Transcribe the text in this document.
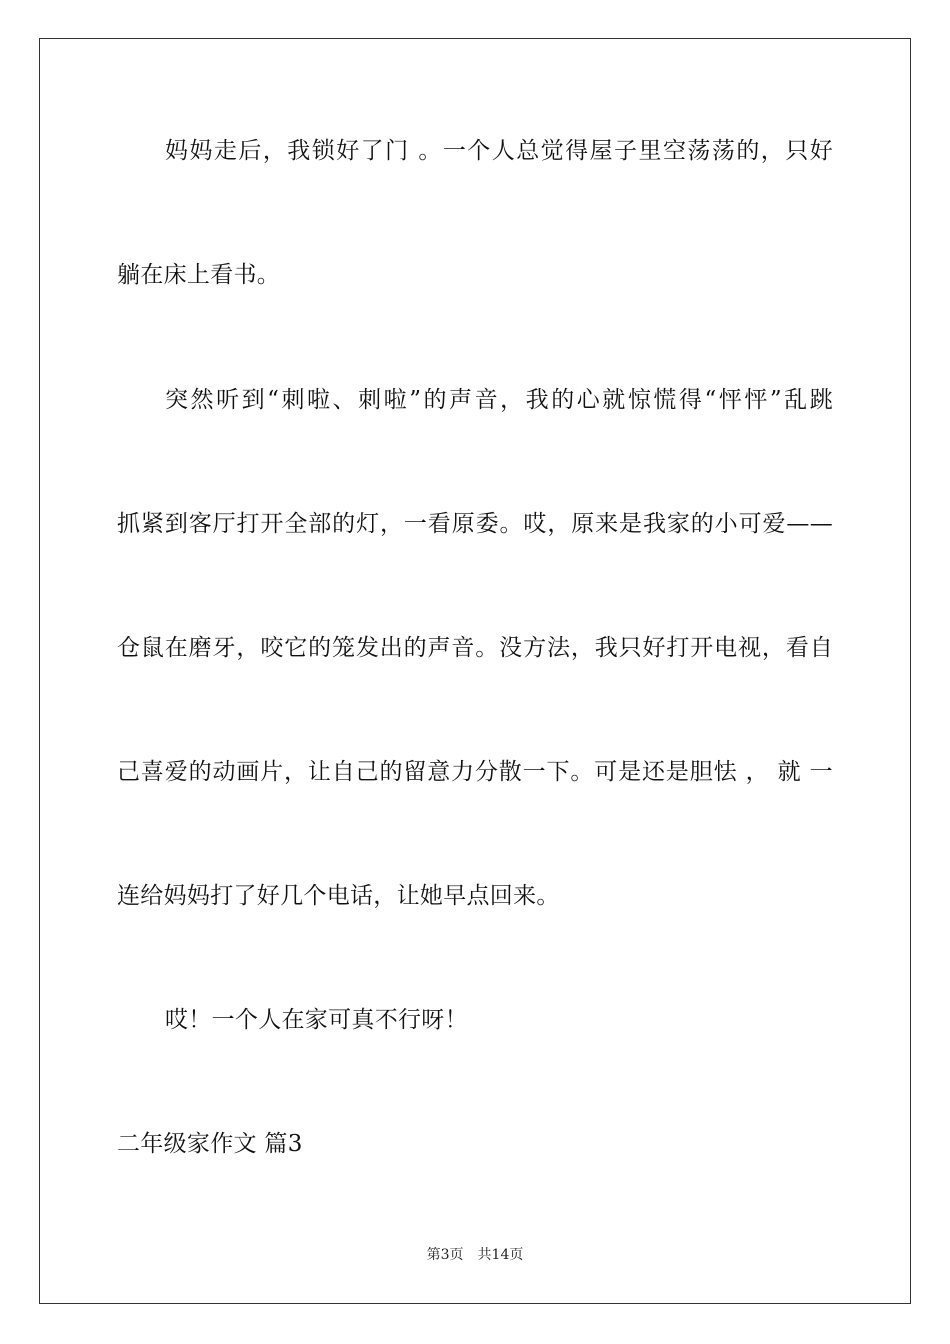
妈妈走后，我锁好了门 。一个人总觉得屋子里空荡荡的，只好
躺在床上看书。
突然听到“刺啦、刺啦”的声音，我的心就惊慌得“怦怦”乱跳
抓紧到客厅打开全部的灯，一看原委。哎，原来是我家的小可爱——
仓鼠在磨牙，咬它的笼发出的声音。没方法，我只好打开电视，看自
己喜爱的动画片，让自己的留意力分散一下。可是还是胆怯 ， 就 一
连给妈妈打了好几个电话，让她早点回来。
哎！一个人在家可真不行呀！
二年级家作文 篇3
第3页 共14页
